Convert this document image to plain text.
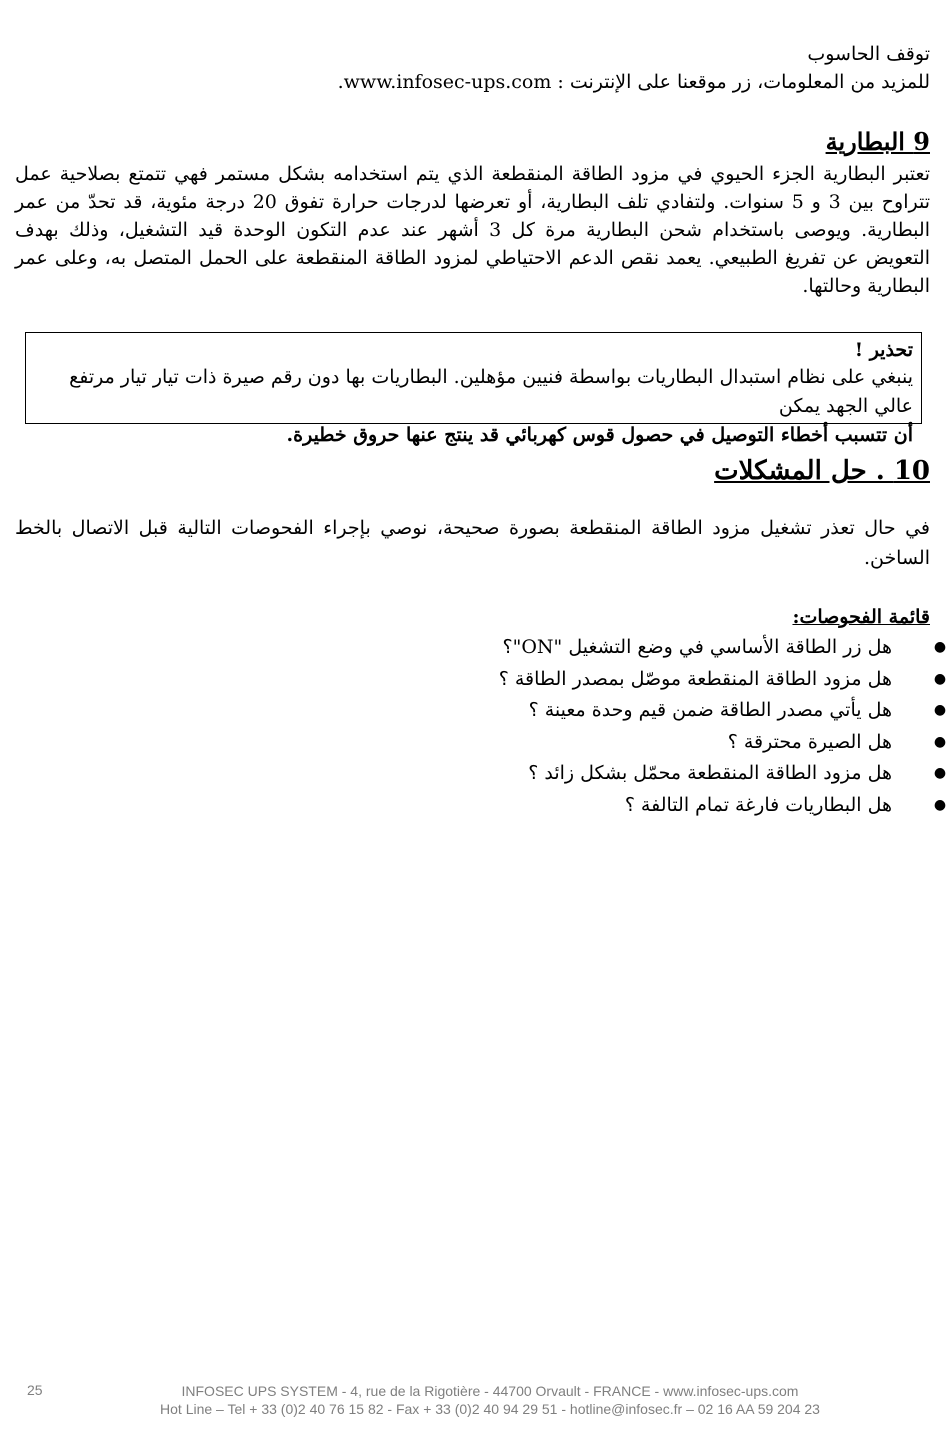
توقف الحاسوب

للمزيد من المعلومات، زر موقعنا على الإنترنت : www.infosec-ups.com.

9 البطارية
تعتبر البطارية الجزء الحيوي في مزود الطاقة المنقطعة الذي يتم استخدامه بشكل مستمر فهي تتمتع بصلاحية عمل تتراوح بين 3 و 5 سنوات. ولتفادي تلف البطارية، أو تعرضها لدرجات حرارة تفوق 20 درجة مئوية، قد تحدّ من عمر البطارية. ويوصى باستخدام شحن البطارية مرة كل 3 أشهر عند عدم التكون الوحدة قيد التشغيل، وذلك بهدف التعويض عن تفريغ الطبيعي. يعمد نقص الدعم الاحتياطي لمزود الطاقة المنقطعة على الحمل المتصل به، وعلى عمر البطارية وحالتها.
تحذير !
ينبغي على نظام استبدال البطاريات بواسطة فنيين مؤهلين. البطاريات بها دون رقم صيرة ذات تيار تيار مرتفع عالي الجهد يمكن
أن تتسبب أخطاء التوصيل في حصول قوس كهربائي قد ينتج عنها حروق خطيرة.
10 . حل المشكلات
في حال تعذر تشغيل مزود الطاقة المنقطعة بصورة صحيحة، نوصي بإجراء الفحوصات التالية قبل الاتصال بالخط الساخن.
قائمة الفحوصات:
●
هل زر الطاقة الأساسي في وضع التشغيل "ON"؟
●
هل مزود الطاقة المنقطعة موصّل بمصدر الطاقة ؟
●
هل يأتي مصدر الطاقة ضمن قيم وحدة معينة ؟
●
هل الصيرة محترقة ؟
●
هل مزود الطاقة المنقطعة محمّل بشكل زائد ؟
●
هل البطاريات فارغة تمام التالفة ؟
25	INFOSEC UPS SYSTEM - 4, rue de la Rigotière - 44700 Orvault - FRANCE - www.infosec-ups.com
Hot Line – Tel + 33 (0)2 40 76 15 82 - Fax + 33 (0)2 40 94 29 51 - hotline@infosec.fr – 02 16 AA 59 204 23
